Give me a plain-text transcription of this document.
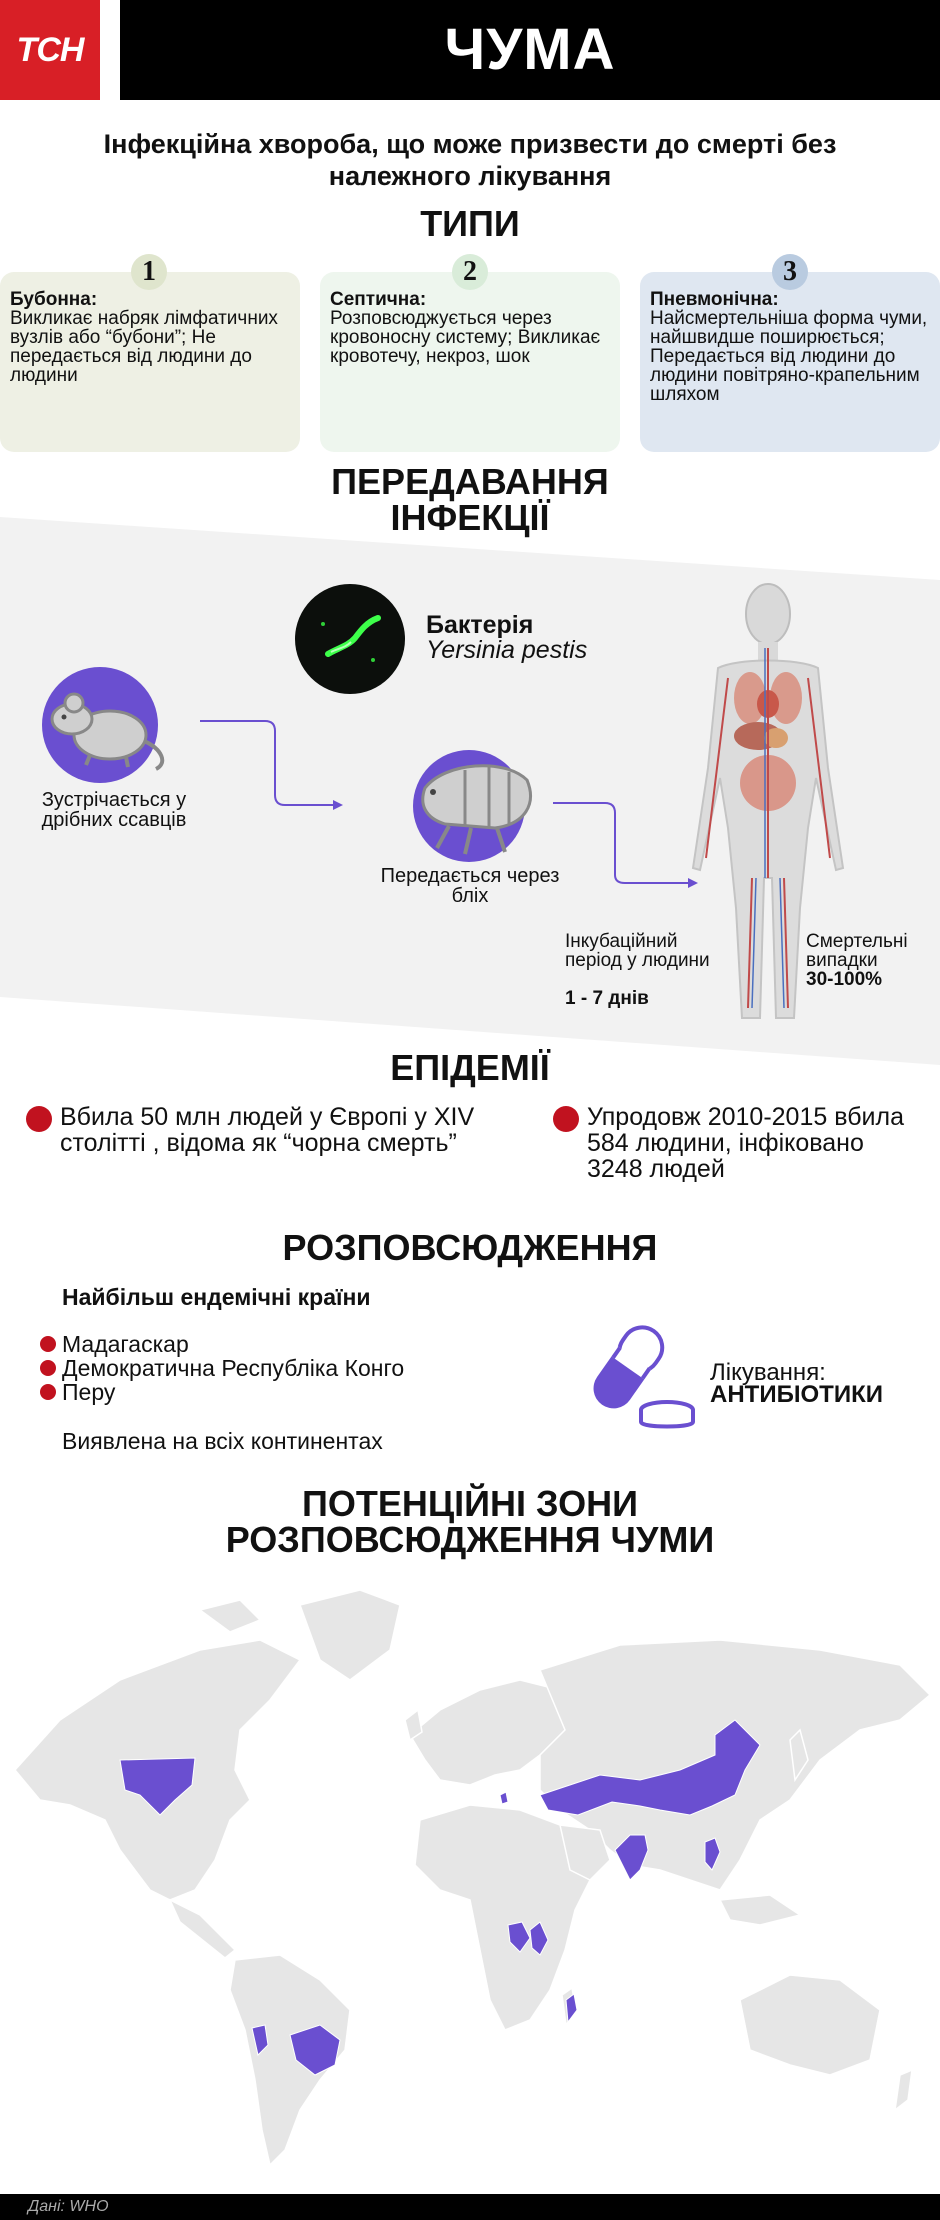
ТСН	ЧУМА
Інфекційна хвороба, що може призвести до смерті без належного лікування
ТИПИ
1
Бубонна:
Викликає набряк лімфатичних вузлів або “бубони”; Не передається від людини до людини
2
Септична:
Розповсюджується через кровоносну систему; Викликає кровотечу, некроз, шок
3
Пневмонічна:
Найсмертельніша форма чуми, найшвидше поширюється; Передається від людини до людини повітряно-крапельним шляхом
ПЕРЕДАВАННЯ
ІНФЕКЦІЇ
Бактерія
Yersinia pestis
Зустрічається у дрібних ссавців
Передається через бліх
Інкубаційний період у людини
1 - 7 днів
Смертельні випадки
30-100%
ЕПІДЕМІЇ
Вбила 50 млн людей у Європі у XIV столітті , відома як “чорна смерть”
Упродовж 2010-2015 вбила 584 людини, інфіковано 3248 людей
РОЗПОВСЮДЖЕННЯ
Найбільш ендемічні країни
Мадагаскар
Демократична Республіка Конго
Перу
Виявлена на всіх континентах
Лікування:
АНТИБІОТИКИ
ПОТЕНЦІЙНІ ЗОНИ
РОЗПОВСЮДЖЕННЯ ЧУМИ
Дані: WHO
